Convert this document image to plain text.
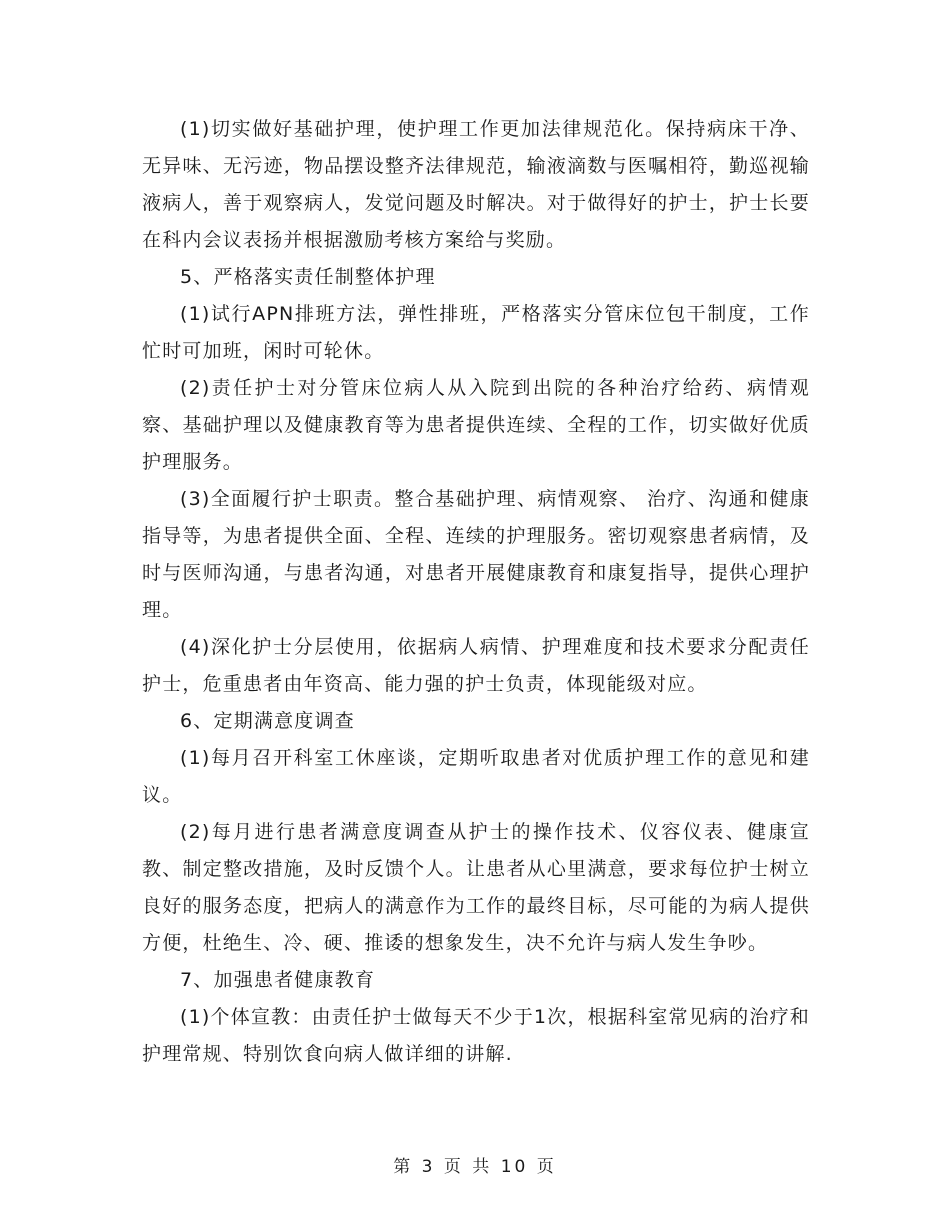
(1)切实做好基础护理，使护理工作更加法律规范化。保持病床干净、无异味、无污迹，物品摆设整齐法律规范，输液滴数与医嘱相符，勤巡视输液病人，善于观察病人，发觉问题及时解决。对于做得好的护士，护士长要在科内会议表扬并根据激励考核方案给与奖励。

5、严格落实责任制整体护理

(1)试行APN排班方法，弹性排班，严格落实分管床位包干制度，工作忙时可加班，闲时可轮休。

(2)责任护士对分管床位病人从入院到出院的各种治疗给药、病情观察、基础护理以及健康教育等为患者提供连续、全程的工作，切实做好优质护理服务。

(3)全面履行护士职责。整合基础护理、病情观察、 治疗、沟通和健康指导等，为患者提供全面、全程、连续的护理服务。密切观察患者病情，及时与医师沟通，与患者沟通，对患者开展健康教育和康复指导，提供心理护理。

(4)深化护士分层使用，依据病人病情、护理难度和技术要求分配责任护士，危重患者由年资高、能力强的护士负责，体现能级对应。

6、定期满意度调查

(1)每月召开科室工休座谈，定期听取患者对优质护理工作的意见和建议。

(2)每月进行患者满意度调查从护士的操作技术、仪容仪表、健康宣教、制定整改措施，及时反馈个人。让患者从心里满意，要求每位护士树立良好的服务态度，把病人的满意作为工作的最终目标，尽可能的为病人提供方便，杜绝生、冷、硬、推诿的想象发生，决不允许与病人发生争吵。

7、加强患者健康教育

(1)个体宣教：由责任护士做每天不少于1次，根据科室常见病的治疗和护理常规、特别饮食向病人做详细的讲解.

第 3 页 共 10 页
